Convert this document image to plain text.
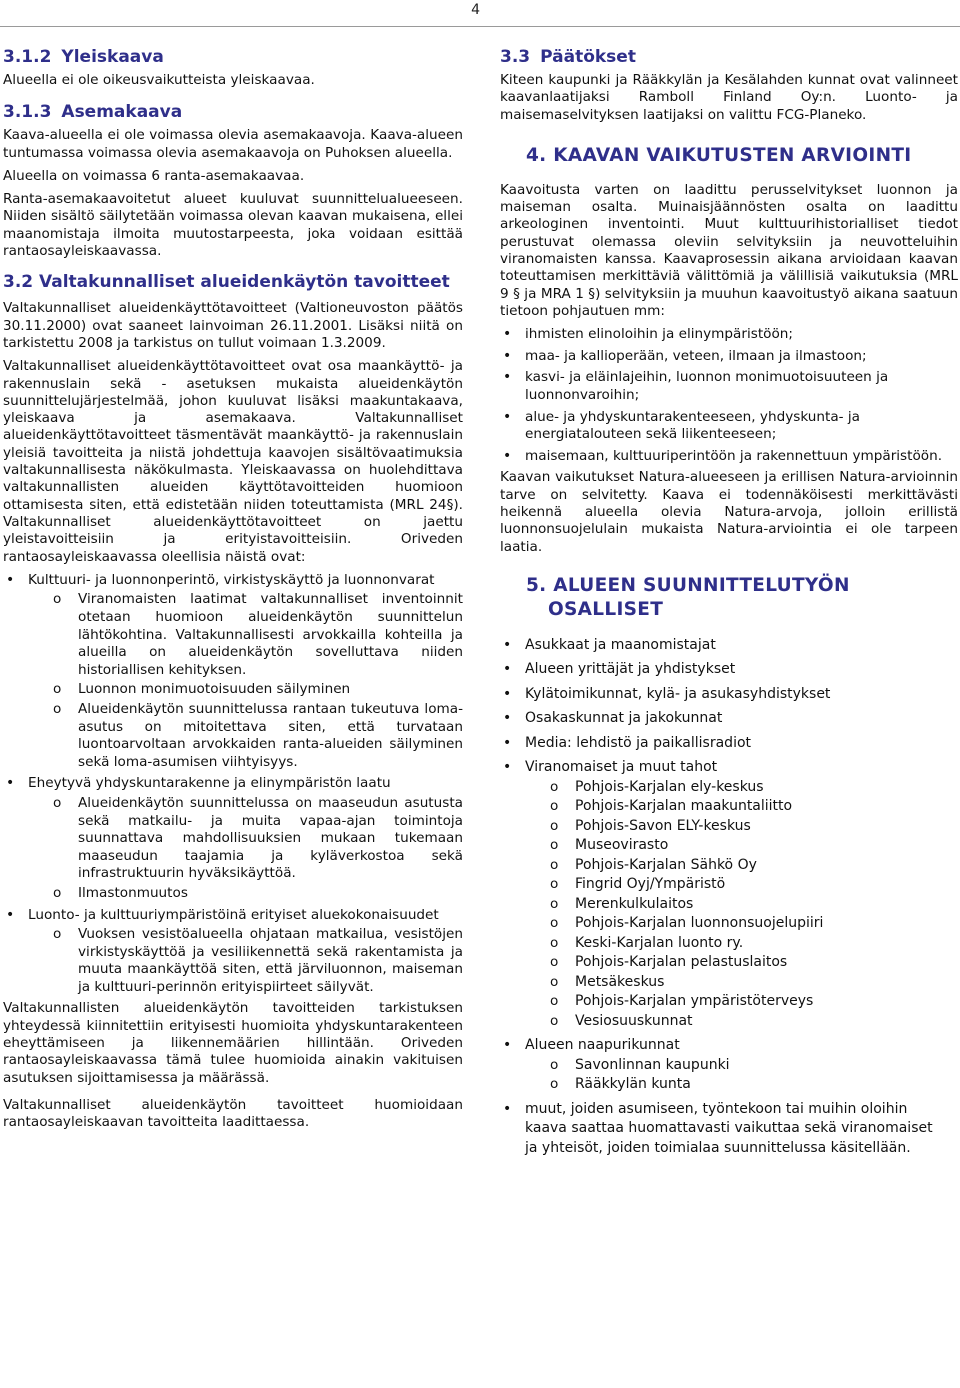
4
3.1.2 Yleiskaava

Alueella ei ole oikeusvaikutteista yleiskaavaa.

3.1.3 Asemakaava

Kaava-alueella ei ole voimassa olevia asemakaavoja. Kaava-alueen tuntumassa voimassa olevia asemakaavoja on Puhoksen alueella.

Alueella on voimassa 6 ranta-asemakaavaa.

Ranta-asemakaavoitetut alueet kuuluvat suunnittelualueeseen. Niiden sisältö säilytetään voimassa olevan kaavan mukaisena, ellei maanomistaja ilmoita muutostarpeesta, joka voidaan esittää rantaosayleiskaavassa.

3.2 Valtakunnalliset alueidenkäytön tavoitteet

Valtakunnalliset alueidenkäyttötavoitteet (Valtioneuvoston päätös 30.11.2000) ovat saaneet lainvoiman 26.11.2001. Lisäksi niitä on tarkistettu 2008 ja tarkistus on tullut voimaan 1.3.2009.

Valtakunnalliset alueidenkäyttötavoitteet ovat osa maankäyttö- ja rakennuslain sekä - asetuksen mukaista alueidenkäytön suunnittelujärjestelmää, johon kuuluvat lisäksi maakuntakaava, yleiskaava ja asemakaava. Valtakunnalliset alueidenkäyttötavoitteet täsmentävät maankäyttö- ja rakennuslain yleisiä tavoitteita ja niistä johdettuja kaavojen sisältövaatimuksia valtakunnallisesta näkökulmasta. Yleiskaavassa on huolehdittava valtakunnallisten alueiden käyttötavoitteiden huomioon ottamisesta siten, että edistetään niiden toteuttamista (MRL 24§). Valtakunnalliset alueidenkäyttötavoitteet on jaettu yleistavoitteisiin ja erityistavoitteisiin. Oriveden rantaosayleiskaavassa oleellisia näistä ovat:

• Kulttuuri- ja luonnonperintö, virkistyskäyttö ja luonnonvarat
o Viranomaisten laatimat valtakunnalliset inventoinnit otetaan huomioon alueidenkäytön suunnittelun lähtökohtina. Valtakunnallisesti arvokkailla kohteilla ja alueilla on alueidenkäytön sovelluttava niiden historiallisen kehityksen.
o Luonnon monimuotoisuuden säilyminen
o Alueidenkäytön suunnittelussa rantaan tukeutuva loma-asutus on mitoitettava siten, että turvataan luontoarvoltaan arvokkaiden ranta-alueiden säilyminen sekä loma-asumisen viihtyisyys.
• Eheytyvä yhdyskuntarakenne ja elinympäristön laatu
o Alueidenkäytön suunnittelussa on maaseudun asutusta sekä matkailu- ja muita vapaa-ajan toimintoja suunnattava mahdollisuuksien mukaan tukemaan maaseudun taajamia ja kyläverkostoa sekä infrastruktuurin hyväksikäyttöä.
o Ilmastonmuutos
• Luonto- ja kulttuuriympäristöinä erityiset aluekokonaisuudet
o Vuoksen vesistöalueella ohjataan matkailua, vesistöjen virkistyskäyttöä ja vesiliikennettä sekä rakentamista ja muuta maankäyttöä siten, että järviluonnon, maiseman ja kulttuuri-perinnön erityispiirteet säilyvät.

Valtakunnallisten alueidenkäytön tavoitteiden tarkistuksen yhteydessä kiinnitettiin erityisesti huomioita yhdyskuntarakenteen eheyttämiseen ja liikennemäärien hillintään. Oriveden rantaosayleiskaavassa tämä tulee huomioida ainakin vakituisen asutuksen sijoittamisessa ja määrässä.

Valtakunnalliset alueidenkäytön tavoitteet huomioidaan rantaosayleiskaavan tavoitteita laadittaessa.

3.3 Päätökset

Kiteen kaupunki ja Rääkkylän ja Kesälahden kunnat ovat valinneet kaavanlaatijaksi Ramboll Finland Oy:n. Luonto- ja maisemaselvityksen laatijaksi on valittu FCG-Planeko.

4. KAAVAN VAIKUTUSTEN ARVIOINTI

Kaavoitusta varten on laadittu perusselvitykset luonnon ja maiseman osalta. Muinaisjäännösten osalta on laadittu arkeologinen inventointi. Muut kulttuurihistorialliset tiedot perustuvat olemassa oleviin selvityksiin ja neuvotteluihin viranomaisten kanssa. Kaavaprosessin aikana arvioidaan kaavan toteuttamisen merkittäviä välittömiä ja välillisiä vaikutuksia (MRL 9 § ja MRA 1 §) selvityksiin ja muuhun kaavoitustyö aikana saatuun tietoon pohjautuen mm:

• ihmisten elinoloihin ja elinympäristöön;
• maa- ja kallioperään, veteen, ilmaan ja ilmastoon;
• kasvi- ja eläinlajeihin, luonnon monimuotoisuuteen ja luonnonvaroihin;
• alue- ja yhdyskuntarakenteeseen, yhdyskunta- ja energiatalouteen sekä liikenteeseen;
• maisemaan, kulttuuriperintöön ja rakennettuun ympäristöön.

Kaavan vaikutukset Natura-alueeseen ja erillisen Natura-arvioinnin tarve on selvitetty. Kaava ei todennäköisesti merkittävästi heikennä alueella olevia Natura-arvoja, jolloin erillistä luonnonsuojelulain mukaista Natura-arviointia ei ole tarpeen laatia.

5. ALUEEN SUUNNITTELUTYÖN
OSALLISET
• Asukkaat ja maanomistajat
• Alueen yrittäjät ja yhdistykset
• Kylätoimikunnat, kylä- ja asukasyhdistykset
• Osakaskunnat ja jakokunnat
• Media: lehdistö ja paikallisradiot
• Viranomaiset ja muut tahot
o Pohjois-Karjalan ely-keskus
o Pohjois-Karjalan maakuntaliitto
o Pohjois-Savon ELY-keskus
o Museovirasto
o Pohjois-Karjalan Sähkö Oy
o Fingrid Oyj/Ympäristö
o Merenkulkulaitos
o Pohjois-Karjalan luonnonsuojelupiiri
o Keski-Karjalan luonto ry.
o Pohjois-Karjalan pelastuslaitos
o Metsäkeskus
o Pohjois-Karjalan ympäristöterveys
o Vesiosuuskunnat
• Alueen naapurikunnat
o Savonlinnan kaupunki
o Rääkkylän kunta
• muut, joiden asumiseen, työntekoon tai muihin oloihin kaava saattaa huomattavasti vaikuttaa sekä viranomaiset ja yhteisöt, joiden toimialaa suunnittelussa käsitellään.
